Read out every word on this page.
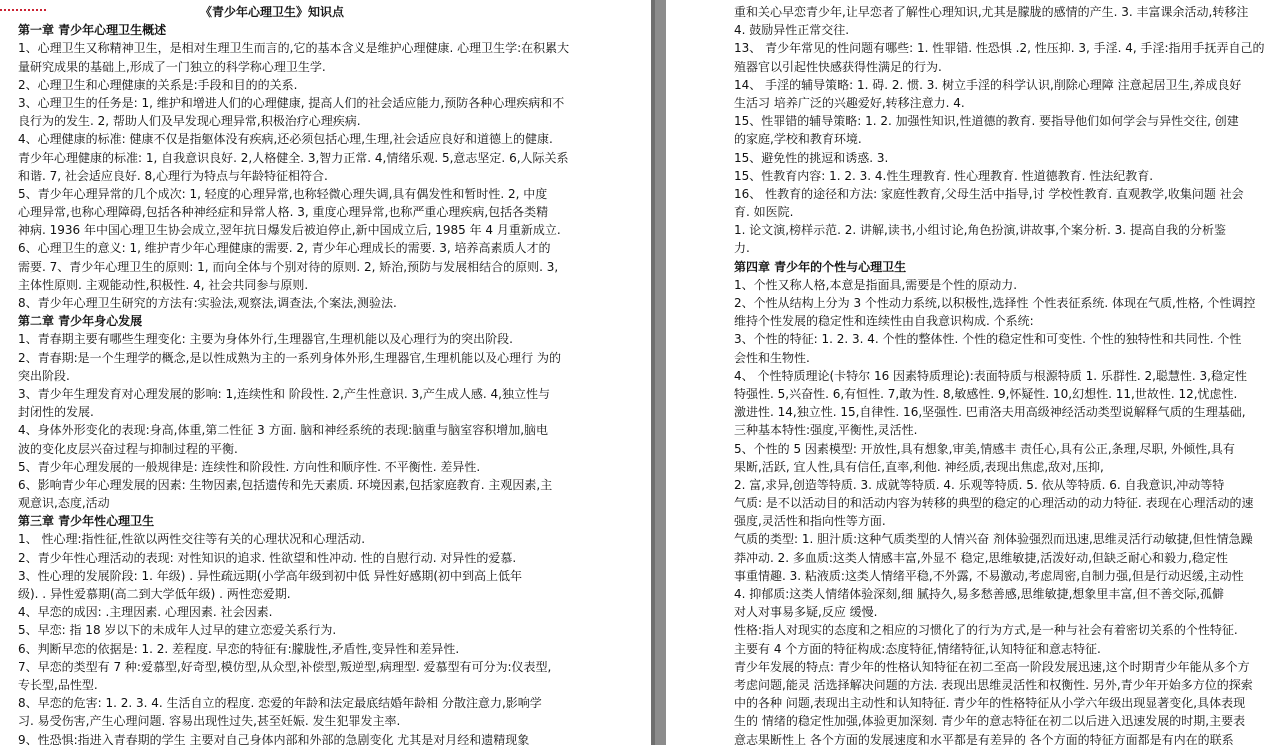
《青少年心理卫生》知识点
第一章 青少年心理卫生概述
1、心理卫生又称精神卫生，是相对生理卫生而言的,它的基本含义是维护心理健康. 心理卫生学:在积累大
量研究成果的基础上,形成了一门独立的科学称心理卫生学.
2、心理卫生和心理健康的关系是:手段和目的的关系.
3、心理卫生的任务是: 1, 维护和增进人们的心理健康, 提高人们的社会适应能力,预防各种心理疾病和不
良行为的发生. 2, 帮助人们及早发现心理异常,积极治疗心理疾病.
4、心理健康的标准: 健康不仅是指躯体没有疾病,还必须包括心理,生理,社会适应良好和道德上的健康.
青少年心理健康的标准: 1, 自我意识良好. 2,人格健全. 3,智力正常. 4,情绪乐观. 5,意志坚定. 6,人际关系
和谐. 7, 社会适应良好. 8,心理行为特点与年龄特征相符合.
5、青少年心理异常的几个成次: 1, 轻度的心理异常,也称轻微心理失调,具有偶发性和暂时性. 2, 中度
心理异常,也称心理障碍,包括各种神经症和异常人格. 3, 重度心理异常,也称严重心理疾病,包括各类精
神病. 1936 年中国心理卫生协会成立,翌年抗日爆发后被迫停止,新中国成立后, 1985 年 4 月重新成立.
6、心理卫生的意义: 1, 维护青少年心理健康的需要. 2, 青少年心理成长的需要. 3, 培养高素质人才的
需要. 7、青少年心理卫生的原则: 1, 而向全体与个别对待的原则. 2, 矫治,预防与发展相结合的原则. 3,
主体性原则. 主观能动性,积极性. 4, 社会共同参与原则.
8、青少年心理卫生研究的方法有:实验法,观察法,调查法,个案法,测验法.
第二章 青少年身心发展
1、青春期主要有哪些生理变化: 主要为身体外行,生理器官,生理机能以及心理行为的突出阶段.
2、青春期:是一个生理学的概念,是以性成熟为主的一系列身体外形,生理器官,生理机能以及心理行 为的
突出阶段.
3、青少年生理发育对心理发展的影响: 1,连续性和 阶段性. 2,产生性意识. 3,产生成人感. 4,独立性与
封闭性的发展.
4、身体外形变化的表现:身高,体重,第二性征 3 方面. 脑和神经系统的表现:脑重与脑室容积增加,脑电
波的变化皮层兴奋过程与抑制过程的平衡.
5、青少年心理发展的一般规律是: 连续性和阶段性. 方向性和顺序性. 不平衡性. 差异性.
6、影响青少年心理发展的因素: 生物因素,包括遗传和先天素质. 环境因素,包括家庭教育. 主观因素,主
观意识,态度,活动
第三章 青少年性心理卫生
1、 性心理:指性征,性欲以两性交往等有关的心理状况和心理活动.
2、青少年性心理活动的表现: 对性知识的追求. 性欲望和性冲动. 性的自慰行动. 对异性的爱慕.
3、性心理的发展阶段: 1. 年级) . 异性疏远期(小学高年级到初中低 异性好感期(初中到高上低年
级). . 异性爱慕期(高二到大学低年级) . 两性恋爱期.
4、早恋的成因: .主理因素. 心理因素. 社会因素.
5、早恋: 指 18 岁以下的未成年人过早的建立恋爱关系行为.
6、判断早恋的依据是: 1. 2. 差程度. 早恋的特征有:朦胧性,矛盾性,变异性和差异性.
7、早恋的类型有 7 种:爱慕型,好奇型,模仿型,从众型,补偿型,叛逆型,病理型. 爱慕型有可分为:仪表型,
专长型,品性型.
8、早恋的危害: 1. 2. 3. 4. 生活自立的程度. 恋爱的年龄和法定最底结婚年龄相 分散注意力,影响学
习. 易受伤害,产生心理问题. 容易出现性过失,甚至妊娠. 发生犯罪发主率.
9、性恐惧:指进入青春期的学生 主要对自己身体内部和外部的急剧变化 尤其是对月经和遗精现象
重和关心早恋青少年,让早恋者了解性心理知识,尤其是朦胧的感情的产生. 3. 丰富课余活动,转移注
4. 鼓励异性正常交往.
13、 青少年常见的性问题有哪些: 1. 性罪错. 性恐惧 .2, 性压抑. 3, 手淫. 4, 手淫:指用手抚弄自己的
殖器官以引起性快感获得性满足的行为.
14、 手淫的辅导策略: 1. 碍. 2. 惯. 3. 树立手淫的科学认识,削除心理障 注意起居卫生,养成良好
生活习 培养广泛的兴趣爱好,转移注意力. 4.
15、性罪错的辅导策略: 1. 2. 加强性知识,性道德的教育. 要指导他们如何学会与异性交往, 创建
的家庭,学校和教育环境.
15、避免性的挑逗和诱惑. 3.
15、性教育内容: 1. 2. 3. 4.性生理教育. 性心理教育. 性道德教育. 性法纪教育.
16、 性教育的途径和方法: 家庭性教育,父母生活中指导,讨 学校性教育. 直观教学,收集问题 社会
育. 如医院.
1. 论文演,榜样示范. 2. 讲解,读书,小组讨论,角色扮演,讲故事,个案分析. 3. 提高自我的分析鉴
力.
第四章 青少年的个性与心理卫生
1、个性又称人格,本意是指面具,需要是个性的原动力.
2、个性从结构上分为 3 个性动力系统,以积极性,选择性 个性表征系统. 体现在气质,性格, 个性调控
维持个性发展的稳定性和连续性由自我意识构成. 个系统:
3、个性的特征: 1. 2. 3. 4. 个性的整体性. 个性的稳定性和可变性. 个性的独特性和共同性. 个性
会性和生物性.
4、 个性特质理论(卡特尔 16 因素特质理论):表面特质与根源特质 1. 乐群性. 2,聪慧性. 3,稳定性
特强性. 5,兴奋性. 6,有恒性. 7,敢为性. 8,敏感性. 9,怀疑性. 10,幻想性. 11,世故性. 12,忧虑性.
激进性. 14,独立性. 15,自律性. 16,坚强性. 巴甫洛夫用高级神经活动类型说解释气质的生理基础,
三种基本特性:强度,平衡性,灵活性.
5、个性的 5 因素模型: 开放性,具有想象,审美,情感丰 责任心,具有公正,条理,尽职, 外倾性,具有
果断,活跃, 宜人性,具有信任,直率,利他. 神经质,表现出焦虑,敌对,压抑,
2. 富,求异,创造等特质. 3. 成就等特质. 4. 乐观等特质. 5. 依从等特质. 6. 自我意识,冲动等特
气质: 是不以活动目的和活动内容为转移的典型的稳定的心理活动的动力特征. 表现在心理活动的速
强度,灵活性和指向性等方面.
气质的类型: 1. 胆汁质:这种气质类型的人情兴奋 剂体验强烈而迅速,思维灵活行动敏捷,但性情急躁
莽冲动. 2. 多血质:这类人情感丰富,外显不 稳定,思维敏捷,活泼好动,但缺乏耐心和毅力,稳定性
事重情趣. 3. 粘液质:这类人情绪平稳,不外露, 不易激动,考虑周密,自制力强,但是行动迟缓,主动性
4. 抑郁质:这类人情绪体验深刻,细 腻持久,易多愁善感,思维敏捷,想象里丰富,但不善交际,孤僻
对人对事易多疑,反应 缓慢.
性格:指人对现实的态度和之相应的习惯化了的行为方式,是一种与社会有着密切关系的个性特征.
主要有 4 个方面的特征构成:态度特征,情绪特征,认知特征和意志特征.
青少年发展的特点: 青少年的性格认知特征在初二至高一阶段发展迅速,这个时期青少年能从多个方
考虑问题,能灵 活选择解决问题的方法. 表现出思维灵活性和权衡性. 另外,青少年开始多方位的探索
中的各种 问题,表现出主动性和认知特征. 青少年的性格特征从小学六年级出现显著变化,具体表现
生的 情绪的稳定性加强,体验更加深刻. 青少年的意志特征在初二以后进入迅速发展的时期,主要表
意志果断性上 各个方面的发展速度和水平都是有差异的 各个方面的特征方面都是有内在的联系
